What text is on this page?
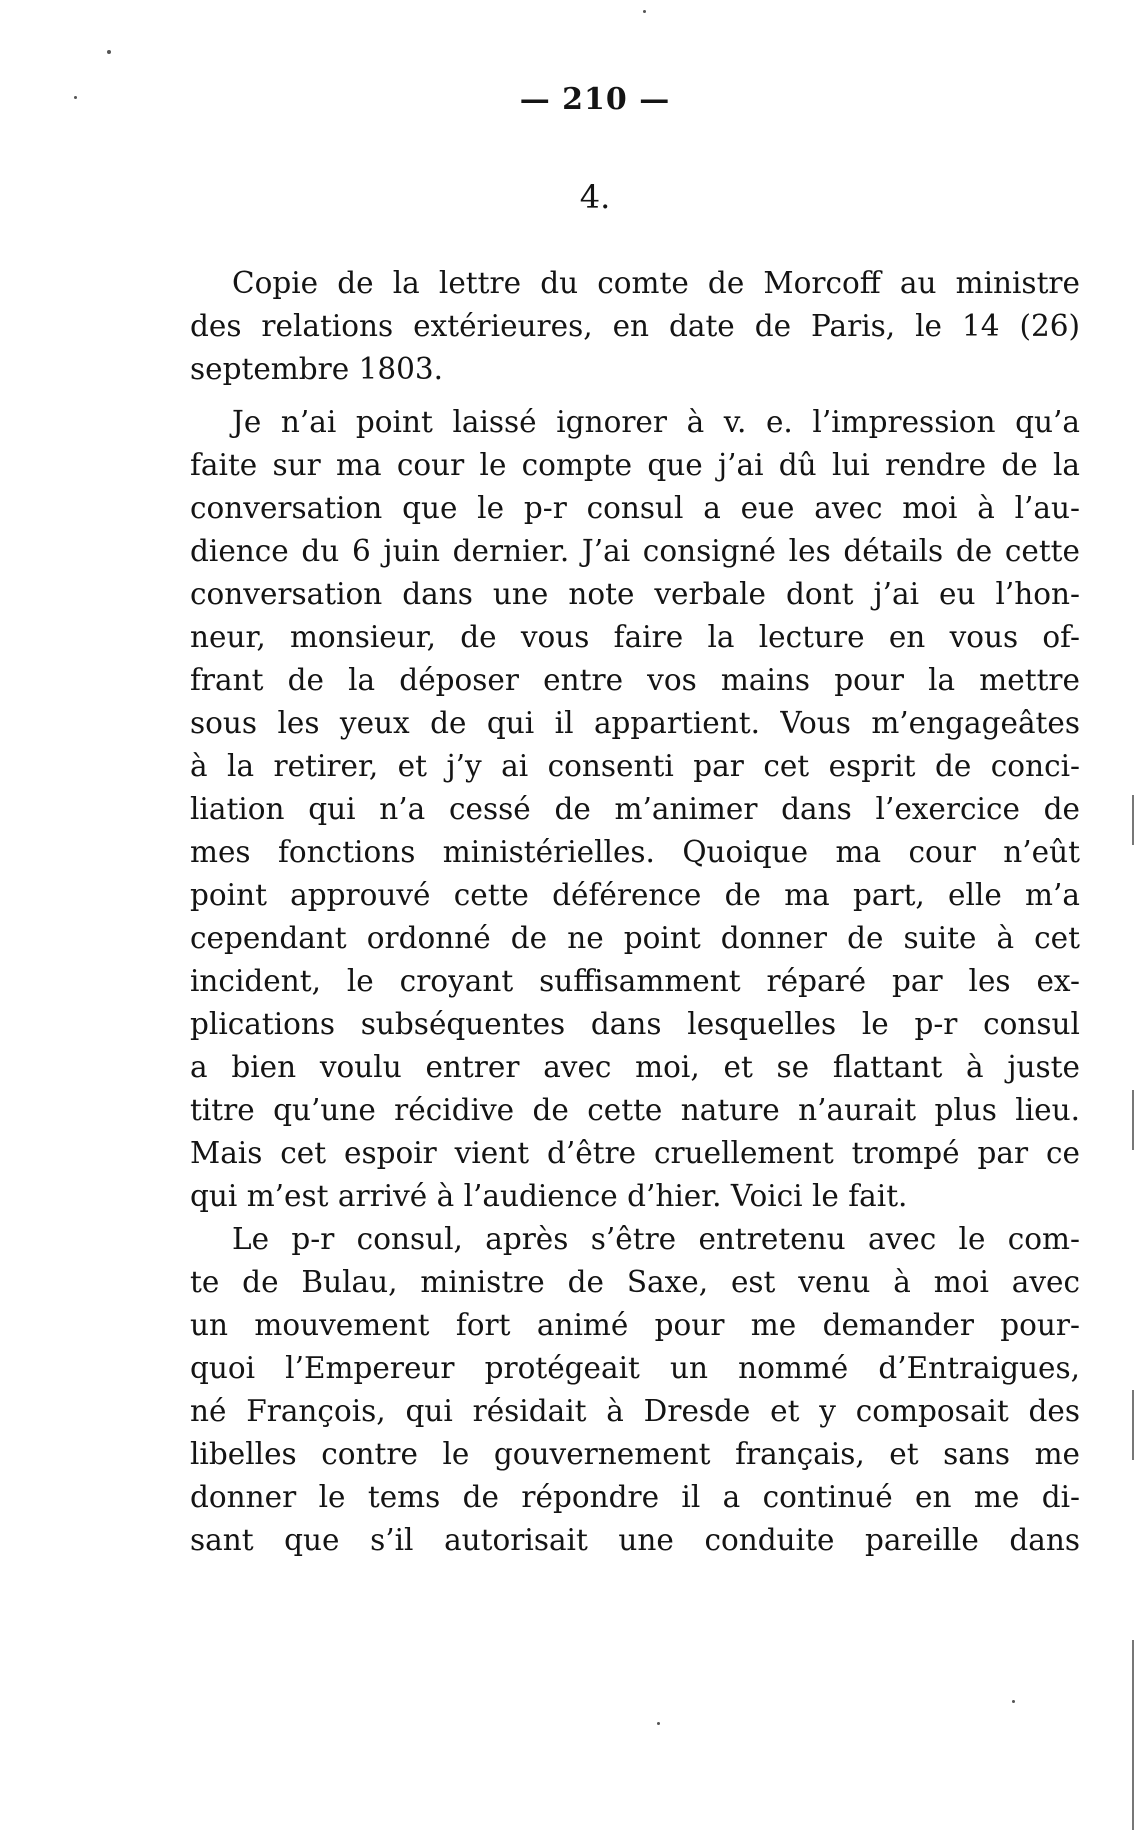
— 210 —
4.
Copie de la lettre du comte de Morcoff au ministre
des relations extérieures, en date de Paris, le 14 (26)
septembre 1803.
Je n’ai point laissé ignorer à v. e. l’impression qu’a
faite sur ma cour le compte que j’ai dû lui rendre de la
conversation que le p-r consul a eue avec moi à l’au-
dience du 6 juin dernier. J’ai consigné les détails de cette
conversation dans une note verbale dont j’ai eu l’hon-
neur, monsieur, de vous faire la lecture en vous of-
frant de la déposer entre vos mains pour la mettre
sous les yeux de qui il appartient. Vous m’engageâtes
à la retirer, et j’y ai consenti par cet esprit de conci-
liation qui n’a cessé de m’animer dans l’exercice de
mes fonctions ministérielles. Quoique ma cour n’eût
point approuvé cette déférence de ma part, elle m’a
cependant ordonné de ne point donner de suite à cet
incident, le croyant suffisamment réparé par les ex-
plications subséquentes dans lesquelles le p-r consul
a bien voulu entrer avec moi, et se flattant à juste
titre qu’une récidive de cette nature n’aurait plus lieu.
Mais cet espoir vient d’être cruellement trompé par ce
qui m’est arrivé à l’audience d’hier. Voici le fait.
Le p-r consul, après s’être entretenu avec le com-
te de Bulau, ministre de Saxe, est venu à moi avec
un mouvement fort animé pour me demander pour-
quoi l’Empereur protégeait un nommé d’Entraigues,
né François, qui résidait à Dresde et y composait des
libelles contre le gouvernement français, et sans me
donner le tems de répondre il a continué en me di-
sant que s’il autorisait une conduite pareille dans
